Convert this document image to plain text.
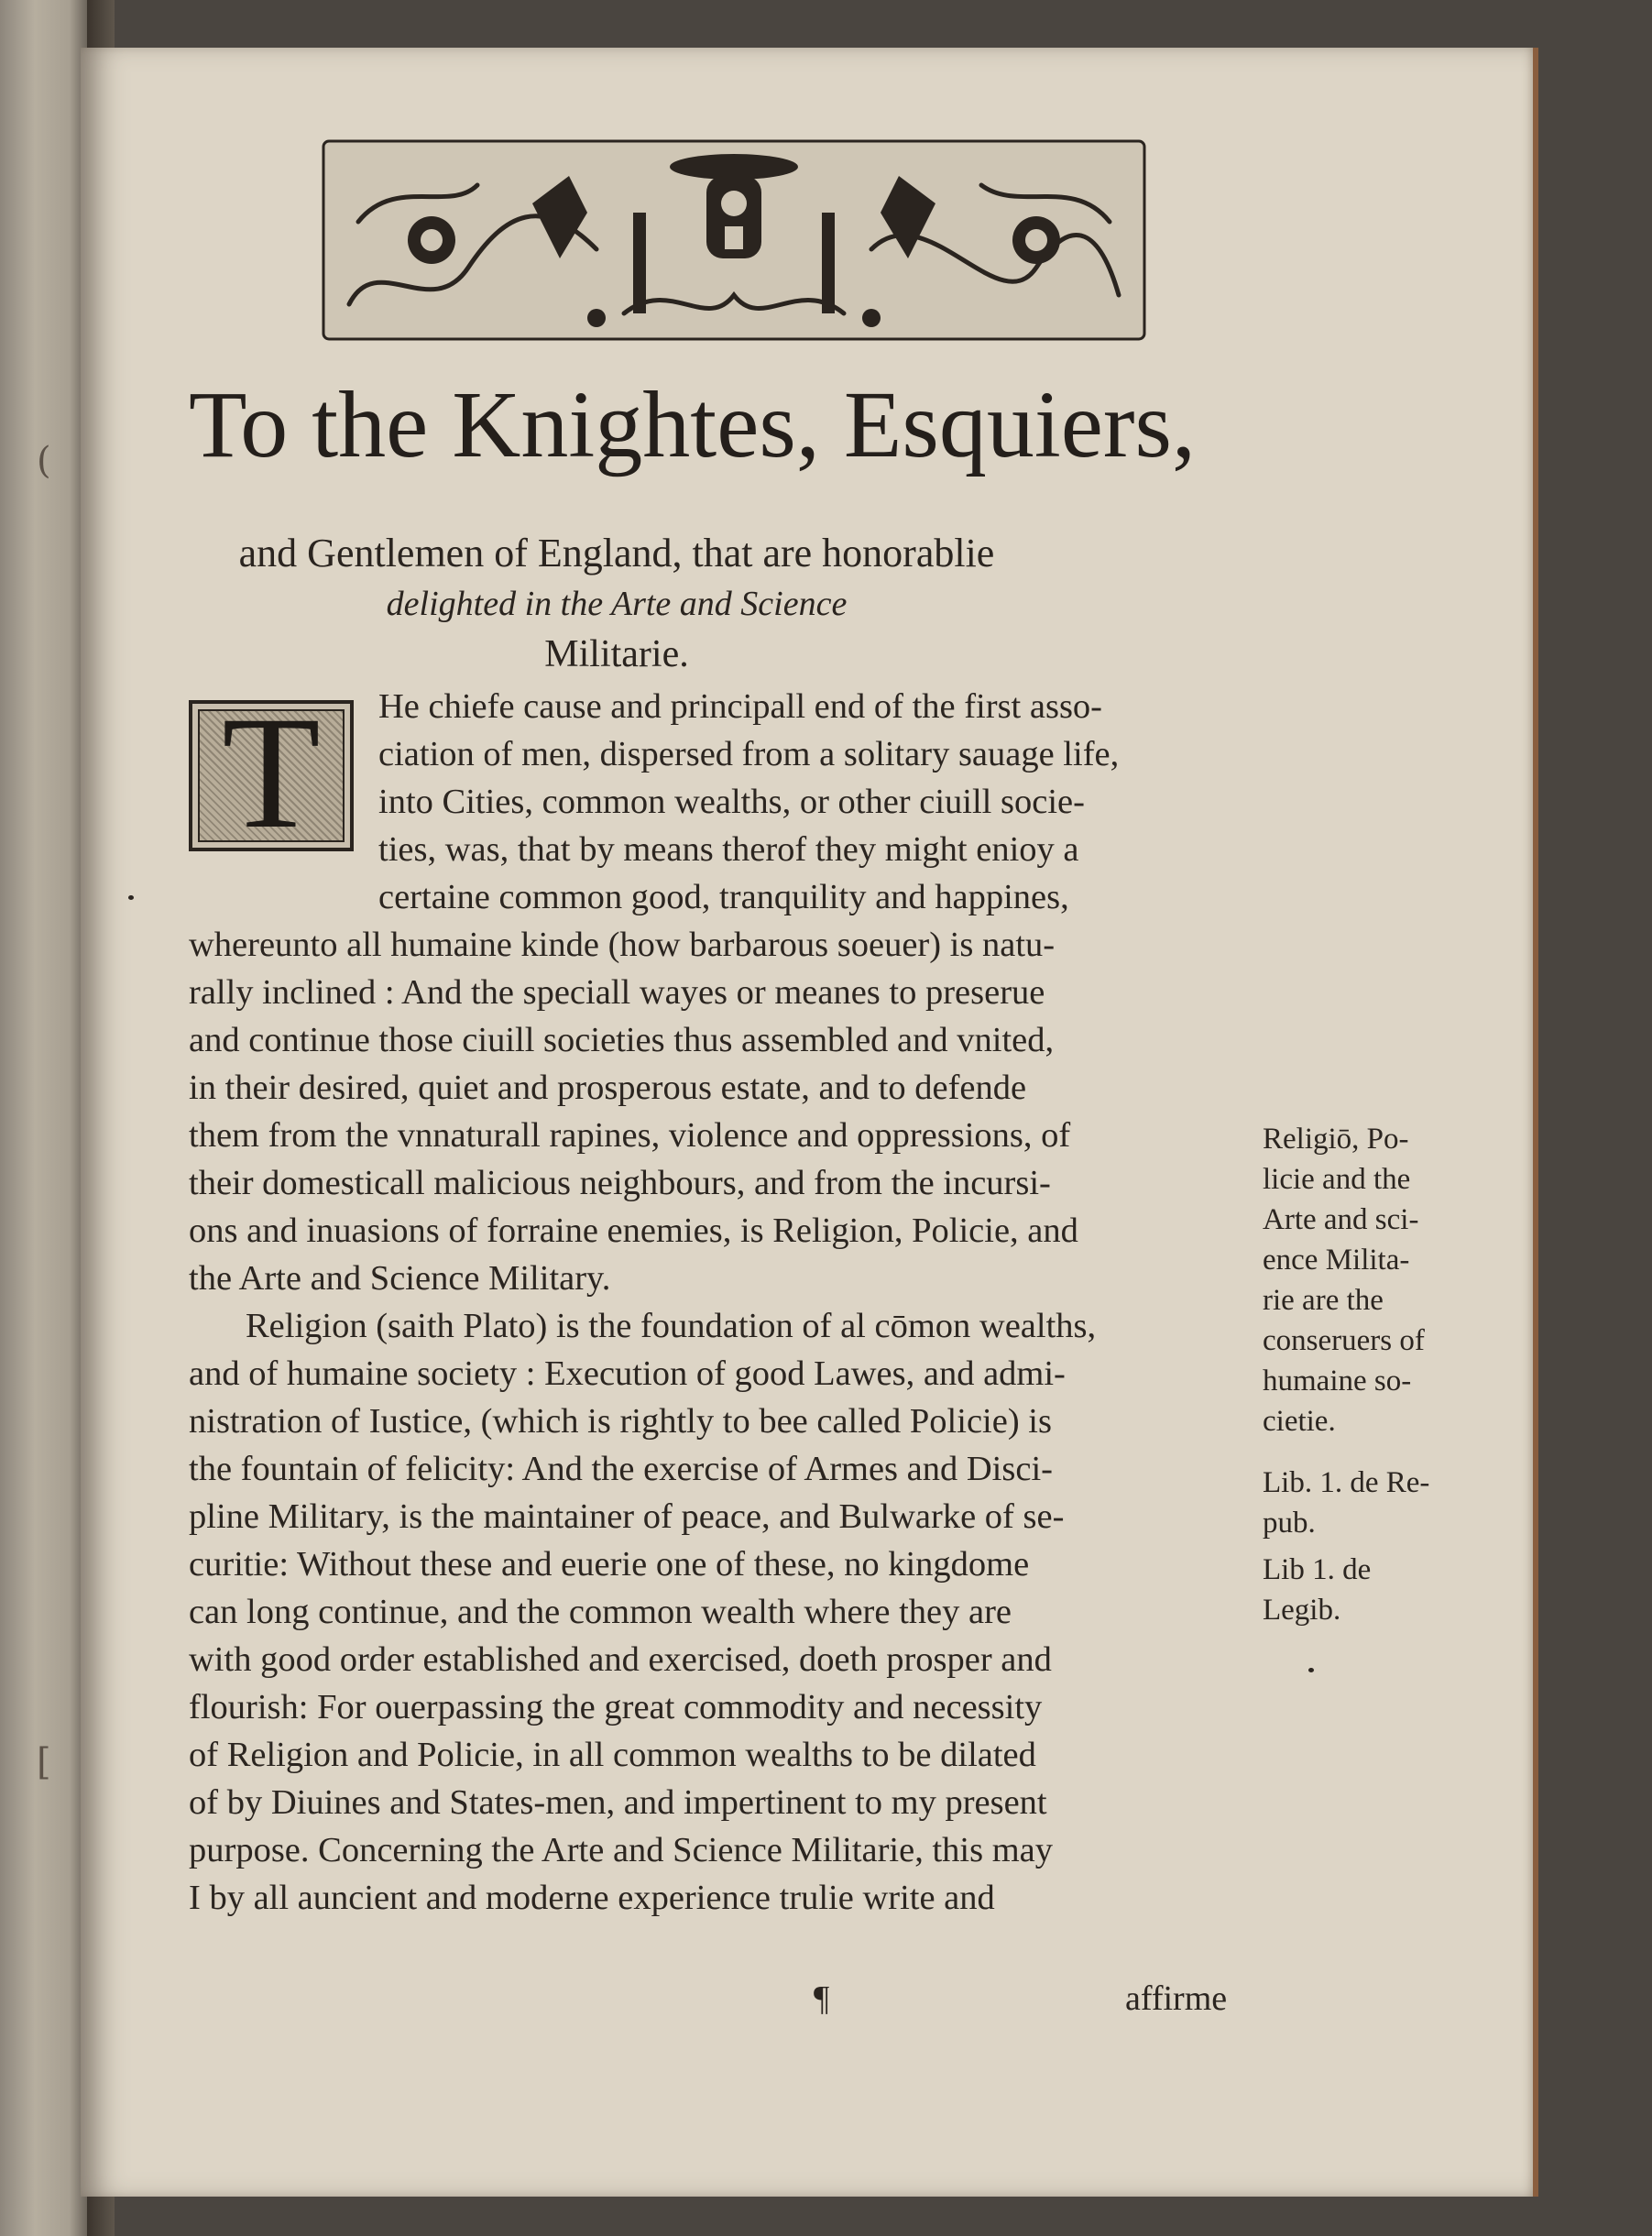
(
[
To the Knightes, Esquiers,
and Gentlemen of England, that are honorablie
delighted in the Arte and Science
Militarie.
T	He chiefe cause and principall end of the first asso-
ciation of men, dispersed from a solitary sauage life,
into Cities, common wealths, or other ciuill socie-
ties, was, that by means therof they might enioy a
certaine common good, tranquility and happines,
whereunto all humaine kinde (how barbarous soeuer) is natu-
rally inclined : And the speciall wayes or meanes to preserue
and continue those ciuill societies thus assembled and vnited,
in their desired, quiet and prosperous estate, and to defende
them from the vnnaturall rapines, violence and oppressions, of
their domesticall malicious neighbours, and from the incursi-
ons and inuasions of forraine enemies, is Religion, Policie, and
the Arte and Science Military.
Religion (saith Plato) is the foundation of al cōmon wealths,
and of humaine society : Execution of good Lawes, and admi-
nistration of Iustice, (which is rightly to bee called Policie) is
the fountain of felicity: And the exercise of Armes and Disci-
pline Military, is the maintainer of peace, and Bulwarke of se-
curitie: Without these and euerie one of these, no kingdome
can long continue, and the common wealth where they are
with good order established and exercised, doeth prosper and
flourish: For ouerpassing the great commodity and necessity
of Religion and Policie, in all common wealths to be dilated
of by Diuines and States-men, and impertinent to my present
purpose. Concerning the Arte and Science Militarie, this may
I by all auncient and moderne experience trulie write and
Religiō, Po-
licie and the
Arte and sci-
ence Milita-
rie are the
conseruers of
humaine so-
cietie.
Lib. 1. de Re-
pub.
Lib 1. de
Legib.
¶	affirme
